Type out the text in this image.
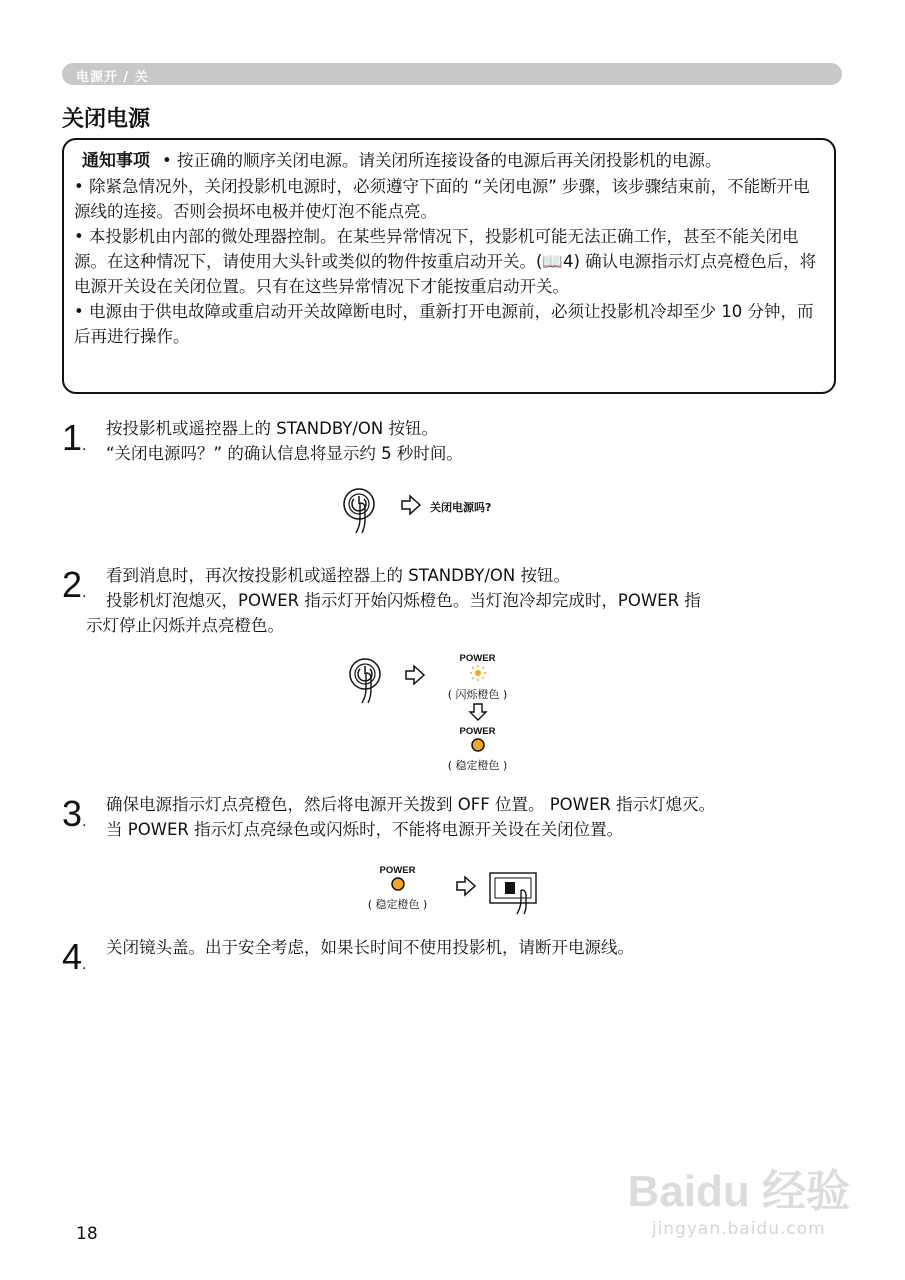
电源开 / 关
关闭电源

通知事项 • 按正确的顺序关闭电源。请关闭所连接设备的电源后再关闭投影机的电源。

• 除紧急情况外，关闭投影机电源时，必须遵守下面的 “关闭电源” 步骤，该步骤结束前，不能断开电源线的连接。否则会损坏电极并使灯泡不能点亮。

• 本投影机由内部的微处理器控制。在某些异常情况下，投影机可能无法正确工作，甚至不能关闭电源。在这种情况下，请使用大头针或类似的物件按重启动开关。(📖4) 确认电源指示灯点亮橙色后，将电源开关设在关闭位置。只有在这些异常情况下才能按重启动开关。

• 电源由于供电故障或重启动开关故障断电时，重新打开电源前，必须让投影机冷却至少 10 分钟，而后再进行操作。

1.
按投影机或遥控器上的 STANDBY/ON 按钮。
“关闭电源吗？” 的确认信息将显示约 5 秒时间。
关闭电源吗?
2.
看到消息时，再次按投影机或遥控器上的 STANDBY/ON 按钮。
投影机灯泡熄灭，POWER 指示灯开始闪烁橙色。当灯泡冷却完成时，POWER 指
示灯停止闪烁并点亮橙色。
POWER
( 闪烁橙色 )
POWER
( 稳定橙色 )
3.
确保电源指示灯点亮橙色，然后将电源开关拨到 OFF 位置。 POWER 指示灯熄灭。
当 POWER 指示灯点亮绿色或闪烁时，不能将电源开关设在关闭位置。
POWER
( 稳定橙色 )
4.
关闭镜头盖。出于安全考虑，如果长时间不使用投影机，请断开电源线。
Baidu 经验
jingyan.baidu.com
18
